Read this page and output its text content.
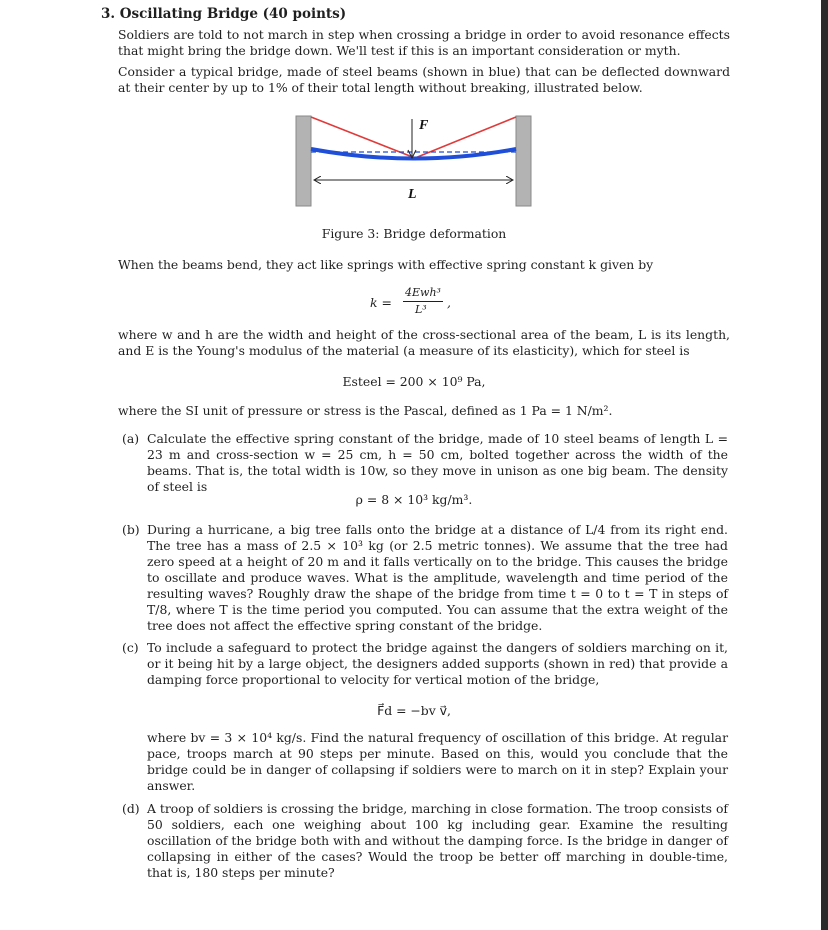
3. Oscillating Bridge (40 points)

Soldiers are told to not march in step when crossing a bridge in order to avoid resonance effects that might bring the bridge down. We'll test if this is an important consideration or myth.

Consider a typical bridge, made of steel beams (shown in blue) that can be deflected downward at their center by up to 1% of their total length without breaking, illustrated below.

F
L

Figure 3: Bridge deformation

When the beams bend, they act like springs with effective spring constant k given by

k =
4Ewh³
L³ ,

where w and h are the width and height of the cross-sectional area of the beam, L is its length, and E is the Young's modulus of the material (a measure of its elasticity), which for steel is

Esteel = 200 × 10⁹ Pa,

where the SI unit of pressure or stress is the Pascal, defined as 1 Pa = 1 N/m².

(a) Calculate the effective spring constant of the bridge, made of 10 steel beams of length L = 23 m and cross-section w = 25 cm, h = 50 cm, bolted together across the width of the beams. That is, the total width is 10w, so they move in unison as one big beam. The density of steel is

ρ = 8 × 10³ kg/m³.

(b) During a hurricane, a big tree falls onto the bridge at a distance of L/4 from its right end. The tree has a mass of 2.5 × 10³ kg (or 2.5 metric tonnes). We assume that the tree had zero speed at a height of 20 m and it falls vertically on to the bridge. This causes the bridge to oscillate and produce waves. What is the amplitude, wavelength and time period of the resulting waves? Roughly draw the shape of the bridge from time t = 0 to t = T in steps of T/8, where T is the time period you computed. You can assume that the extra weight of the tree does not affect the effective spring constant of the bridge.
(c) To include a safeguard to protect the bridge against the dangers of soldiers marching on it, or it being hit by a large object, the designers added supports (shown in red) that provide a damping force proportional to velocity for vertical motion of the bridge,

F⃗d = −bv v⃗,

where bv = 3 × 10⁴ kg/s. Find the natural frequency of oscillation of this bridge. At regular pace, troops march at 90 steps per minute. Based on this, would you conclude that the bridge could be in danger of collapsing if soldiers were to march on it in step? Explain your answer.

(d) A troop of soldiers is crossing the bridge, marching in close formation. The troop consists of 50 soldiers, each one weighing about 100 kg including gear. Examine the resulting oscillation of the bridge both with and without the damping force. Is the bridge in danger of collapsing in either of the cases? Would the troop be better off marching in double-time, that is, 180 steps per minute?
